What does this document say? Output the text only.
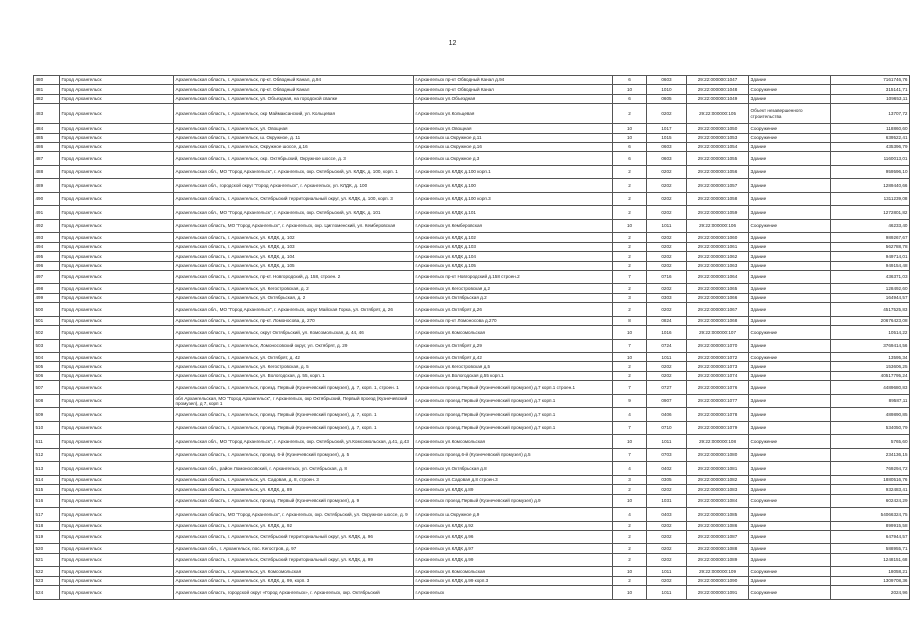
12
480	Город Архангельск	Архангельская область, г. Архангельск, пр-кт. Обводный Канал, д.94	г.Архангельск пр-кт Обводный Канал д.94	6	0603	29:22:000000:1047	Здание	7161746,76
481	Город Архангельск	Архангельская область, г. Архангельск, пр-кт. Обводный Канал	г.Архангельск пр-кт Обводный Канал	10	1010	29:22:000000:1048	Сооружение	315141,71
482	Город Архангельск	Архангельская область, г. Архангельск, ул. Объездная, на городской свалке	г.Архангельск ул.Объездная	6	0605	29:22:000000:1049	Здание	109653,11
483	Город Архангельск	Архангельская область, г. Архангельск, окр Маймаксанский, ул. Кольцевая	г.Архангельск ул.Кольцевая	2	0202	29:22:000000:105	Объект незавершенного строительства	13707,72
484	Город Архангельск	Архангельская область, г. Архангельск, ул. Овощная	г.Архангельск ул.Овощная	10	1017	29:22:000000:1050	Сооружение	118860,60
485	Город Архангельск	Архангельская область, г. Архангельск, ш. Окружное, д. 11	г.Архангельск ш.Окружное д.11	10	1015	29:22:000000:1053	Сооружение	639522,41
486	Город Архангельск	Архангельская область, г. Архангельск, Окружное шоссе, д.16	г.Архангельск ш.Окружное д.16	6	0603	29:22:000000:1054	Здание	435396,79
487	Город Архангельск	Архангельская область, г. Архангельск, окр. Октябрьский, Окружное шоссе, д. 3	г.Архангельск ш.Окружное д.3	6	0603	29:22:000000:1055	Здание	1160013,01
488	Город Архангельск	Архангельская обл., МО "Город Архангельск", г. Архангельск, окр. Октябрьский, ул. КЛДК, д. 100, корп. 1	г.Архангельск ул.КЛДК д.100 корп.1	2	0202	29:22:000000:1056	Здание	959596,10
489	Город Архангельск	Архангельская обл., городской округ "Город Архангельск", г. Архангельск, ул. КЛДК, д. 100	г.Архангельск ул.КЛДК д.100	2	0202	29:22:000000:1057	Здание	1289440,66
490	Город Архангельск	Архангельская область, г. Архангельск, Октябрьский территориальный округ, ул. КЛДК, д. 100, корп. 3	г.Архангельск ул.КЛДК д.100 корп.3	2	0202	29:22:000000:1058	Здание	1311239,08
491	Город Архангельск	Архангельская обл., МО "Город Архангельск", г. Архангельск, окр. Октябрьский, ул. КЛДК, д. 101	г.Архангельск ул.КЛДК д.101	2	0202	29:22:000000:1059	Здание	1272801,82
492	Город Архангельск	Архангельская область, МО "Город Архангельск", г. Архангельск, окр. Цигломенский, ул. Кемберовская	г.Архангельск ул.Кемберовская	10	1011	29:22:000000:106	Сооружение	46233,40
493	Город Архангельск	Архангельская область, г. Архангельск, ул. КЛДК, д. 102	г.Архангельск ул.КЛДК д.102	2	0202	29:22:000000:1060	Здание	989267,67
494	Город Архангельск	Архангельская область, г. Архангельск, ул. КЛДК, д. 103	г.Архангельск ул.КЛДК д.103	2	0202	29:22:000000:1061	Здание	562788,78
495	Город Архангельск	Архангельская область, г. Архангельск, ул. КЛДК, д. 104	г.Архангельск ул.КЛДК д.104	2	0202	29:22:000000:1062	Здание	949714,01
496	Город Архангельск	Архангельская область, г. Архангельск, ул. КЛДК, д. 105	г.Архангельск ул.КЛДК д.105	2	0202	29:22:000000:1063	Здание	949154,48
497	Город Архангельск	Архангельская область, г. Архангельск, пр-кт. Новгородский, д. 158, строен. 2	г.Архангельск пр-кт Новгородский д.158 строен.2	7	0716	29:22:000000:1064	Здание	436371,03
498	Город Архангельск	Архангельская область, г. Архангельск, ул. Кегостровская, д. 2	г.Архангельск ул.Кегостровская д.2	2	0202	29:22:000000:1065	Здание	128492,60
499	Город Архангельск	Архангельская область, г. Архангельск, ул. Октябрьская, д. 2	г.Архангельск ул.Октябрьская д.2	3	0303	29:22:000000:1066	Здание	164944,57
500	Город Архангельск	Архангельская обл., МО "Город Архангельск", г. Архангельск, округ Майская Горка, ул. Октябрят, д. 26	г.Архангельск ул.Октябрят д.26	2	0202	29:22:000000:1067	Здание	4517525,83
501	Город Архангельск	Архангельская область, г. Архангельск, пр-кт. Ломоносова, д. 270	г.Архангельск пр-кт Ломоносова д.270	8	0824	29:22:000000:1068	Здание	20676423,08
502	Город Архангельск	Архангельская область, г. Архангельск, округ Октябрьский, ул. Комсомольская, д. 44, 46	г.Архангельск ул.Комсомольская	10	1016	29:22:000000:107	Сооружение	10514,22
503	Город Архангельск	Архангельская область, г. Архангельск, Ломоносовский округ, ул. Октябрят, д. 29	г.Архангельск ул.Октябрят д.29	7	0724	29:22:000000:1070	Здание	3769414,56
504	Город Архангельск	Архангельская область, г. Архангельск, ул. Октябрят, д. 42	г.Архангельск ул.Октябрят д.42	10	1011	29:22:000000:1072	Сооружение	13595,34
505	Город Архангельск	Архангельская область, г. Архангельск, ул. Кегостровская, д. 5	г.Архангельск ул.Кегостровская д.5	2	0202	29:22:000000:1073	Здание	153606,25
506	Город Архангельск	Архангельская область, г. Архангельск, ул. Вологодская, д. 55, корп. 1	г.Архангельск ул.Вологодская д.55 корп.1	2	0202	29:22:000000:1074	Здание	40517795,24
507	Город Архангельск	Архангельская область, г. Архангельск, проезд. Первый (Кузнечевский промузел), д. 7, корп. 1, строен. 1	г.Архангельск проезд.Первый (Кузнечевский промузел) д.7 корп.1 строен.1	7	0727	29:22:000000:1076	Здание	4489680,83
508	Город Архангельск	обл Архангельская, МО "Город Архангельск", г Архангельск, окр Октябрьский, Первый проезд (Кузнечевский промузел), д 7, корп 1	г.Архангельск проезд.Первый (Кузнечевский промузел) д.7 корп.1	9	0907	29:22:000000:1077	Здание	89587,11
509	Город Архангельск	Архангельская область, г. Архангельск, проезд. Первый (Кузнечевский промузел), д. 7, корп. 1	г.Архангельск проезд.Первый (Кузнечевский промузел) д.7 корп.1	4	0406	29:22:000000:1078	Здание	489890,85
510	Город Архангельск	Архангельская область, г. Архангельск, проезд. Первый (Кузнечевский промузел), д. 7, корп. 1	г.Архангельск проезд.Первый (Кузнечевский промузел) д.7 корп.1	7	0710	29:22:000000:1079	Здание	534050,79
511	Город Архангельск	Архангельская обл., МО "Город Архангельск", г. Архангельск, окр. Октябрьский, ул.Комсомольская, д.41, д.43	г.Архангельск ул.Комсомольская	10	1011	29:22:000000:108	Сооружение	5765,60
512	Город Архангельск	Архангельская область, г. Архангельск, проезд. 6-й (Кузнечевский промузел), д. 5	г.Архангельск проезд.6-й (Кузнечевский промузел) д.5	7	0703	29:22:000000:1080	Здание	234136,15
513	Город Архангельск	Архангельская обл., район Ломоносовский, г. Архангельск, ул. Октябрьская, д. 8	г.Архангельск ул.Октябрьская д.8	4	0402	29:22:000000:1081	Здание	769294,72
514	Город Архангельск	Архангельская область, г. Архангельск, ул. Садовая, д. 8, строен. 3	г.Архангельск ул.Садовая д.8 строен.3	3	0305	29:22:000000:1082	Здание	1880516,76
515	Город Архангельск	Архангельская область, г. Архангельск, ул. КЛДК, д. 89	г.Архангельск ул.КЛДК д.89	2	0202	29:22:000000:1083	Здание	932483,41
516	Город Архангельск	Архангельская область, г. Архангельск, проезд. Первый (Кузнечевский промузел), д. 9	г.Архангельск проезд.Первый (Кузнечевский промузел) д.9	10	1031	29:22:000000:1084	Сооружение	602424,29
517	Город Архангельск	Архангельская область, МО "Город Архангельск", г. Архангельск, окр. Октябрьский, ул. Окружное шоссе, д. 9	г.Архангельск ш.Окружное д.9	4	0403	29:22:000000:1085	Здание	54066324,75
518	Город Архангельск	Архангельская область, г. Архангельск, ул. КЛДК, д. 92	г.Архангельск ул.КЛДК д.92	2	0202	29:22:000000:1086	Здание	899915,58
519	Город Архангельск	Архангельская область, г. Архангельск, Октябрьский территориальный округ, ул. КЛДК, д. 96	г.Архангельск ул.КЛДК д.96	2	0202	29:22:000000:1087	Здание	647944,57
520	Город Архангельск	Архангельская обл., г. Архангельск, пос. Кегостров, д. 97	г.Архангельск ул.КЛДК д.97	2	0202	29:22:000000:1088	Здание	588955,71
521	Город Архангельск	Архангельская область, г. Архангельск, Октябрьский территориальный округ, ул. КЛДК, д. 99	г.Архангельск ул.КЛДК д.99	2	0202	29:22:000000:1089	Здание	1248151,68
522	Город Архангельск	Архангельская область, г. Архангельск, ул. Комсомольская	г.Архангельск ул.Комсомольская	10	1011	29:22:000000:109	Сооружение	18058,21
523	Город Архангельск	Архангельская область, г. Архангельск, ул. КЛДК, д. 99, корп. 3	г.Архангельск ул.КЛДК д.99 корп.3	2	0202	29:22:000000:1090	Здание	1309708,36
524	Город Архангельск	Архангельская область, городской округ «Город Архангельск», г. Архангельск, окр. Октябрьский	г.Архангельск	10	1011	29:22:000000:1091	Сооружение	2024,96
